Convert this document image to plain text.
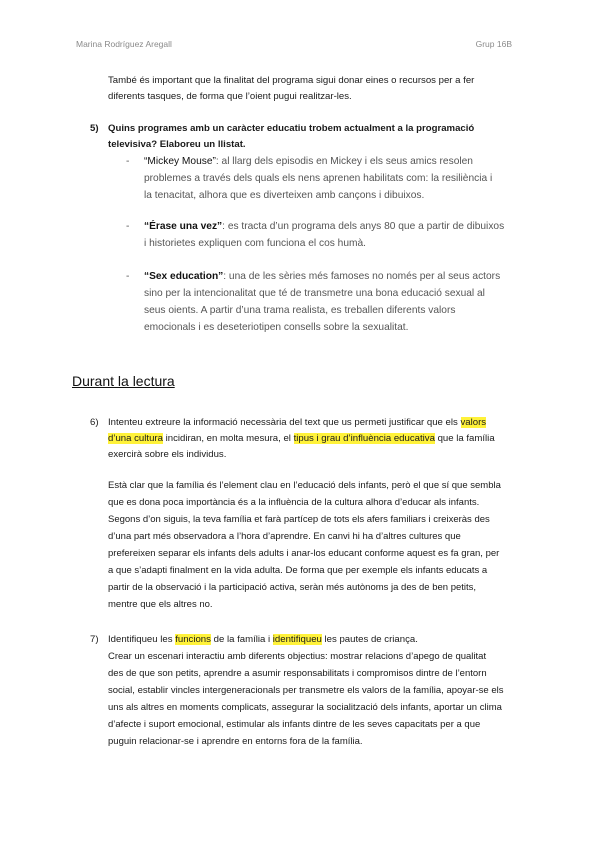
Marina Rodríguez Aregall	Grup 16B
També és important que la finalitat del programa sigui donar eines o recursos per a fer
diferents tasques, de forma que l’oient pugui realitzar-les.
5) Quins programes amb un caràcter educatiu trobem actualment a la programació
televisiva? Elaboreu un llistat.
- “Mickey Mouse”: al llarg dels episodis en Mickey i els seus amics resolen
problemes a través dels quals els nens aprenen habilitats com: la resiliència i
la tenacitat, alhora que es diverteixen amb cançons i dibuixos.
- “Érase una vez”: es tracta d’un programa dels anys 80 que a partir de dibuixos
i historietes expliquen com funciona el cos humà.
- “Sex education”: una de les sèries més famoses no només per al seus actors
sino per la intencionalitat que té de transmetre una bona educació sexual al
seus oients. A partir d’una trama realista, es treballen diferents valors
emocionals i es deseteriotipen consells sobre la sexualitat.
Durant la lectura
6) Intenteu extreure la informació necessària del text que us permeti justificar que els valors
d’una cultura incidiran, en molta mesura, el tipus i grau d’influència educativa que la família
exercirà sobre els individus.
Està clar que la família és l’element clau en l’educació dels infants, però el que sí que sembla
que es dona poca importància és a la influència de la cultura alhora d’educar als infants.
Segons d’on siguis, la teva família et farà partícep de tots els afers familiars i creixeràs des
d’una part més observadora a l’hora d’aprendre. En canvi hi ha d’altres cultures que
prefereixen separar els infants dels adults i anar-los educant conforme aquest es fa gran, per
a que s’adapti finalment en la vida adulta. De forma que per exemple els infants educats a
partir de la observació i la participació activa, seràn més autònoms ja des de ben petits,
mentre que els altres no.
7) Identifiqueu les funcions de la família i identifiqueu les pautes de criança.
Crear un escenari interactiu amb diferents objectius: mostrar relacions d’apego de qualitat
des de que son petits, aprendre a asumir responsabilitats i compromisos dintre de l’entorn
social, establir vincles intergeneracionals per transmetre els valors de la família, apoyar-se els
uns als altres en moments complicats, assegurar la socialització dels infants, aportar un clima
d’afecte i suport emocional, estimular als infants dintre de les seves capacitats per a que
puguin relacionar-se i aprendre en entorns fora de la família.
